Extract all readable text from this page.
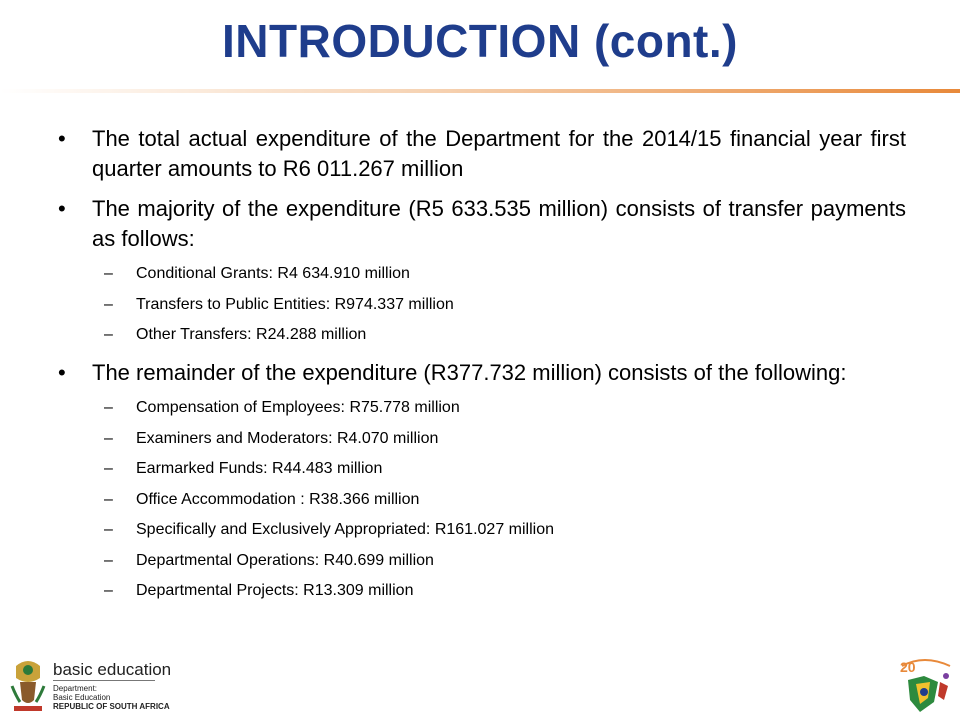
INTRODUCTION (cont.)
• The total actual expenditure of the Department for the 2014/15 financial year first quarter amounts to R6 011.267 million
• The majority of the expenditure (R5 633.535 million) consists of transfer payments as follows:
– Conditional Grants: R4 634.910 million
– Transfers to Public Entities: R974.337 million
– Other Transfers: R24.288 million
• The remainder of the expenditure (R377.732 million) consists of the following:
– Compensation of Employees: R75.778 million
– Examiners and Moderators: R4.070 million
– Earmarked Funds: R44.483 million
– Office Accommodation : R38.366 million
– Specifically and Exclusively Appropriated: R161.027 million
– Departmental Operations: R40.699 million
– Departmental Projects: R13.309 million
basic education
Department:
Basic Education
REPUBLIC OF SOUTH AFRICA
20
